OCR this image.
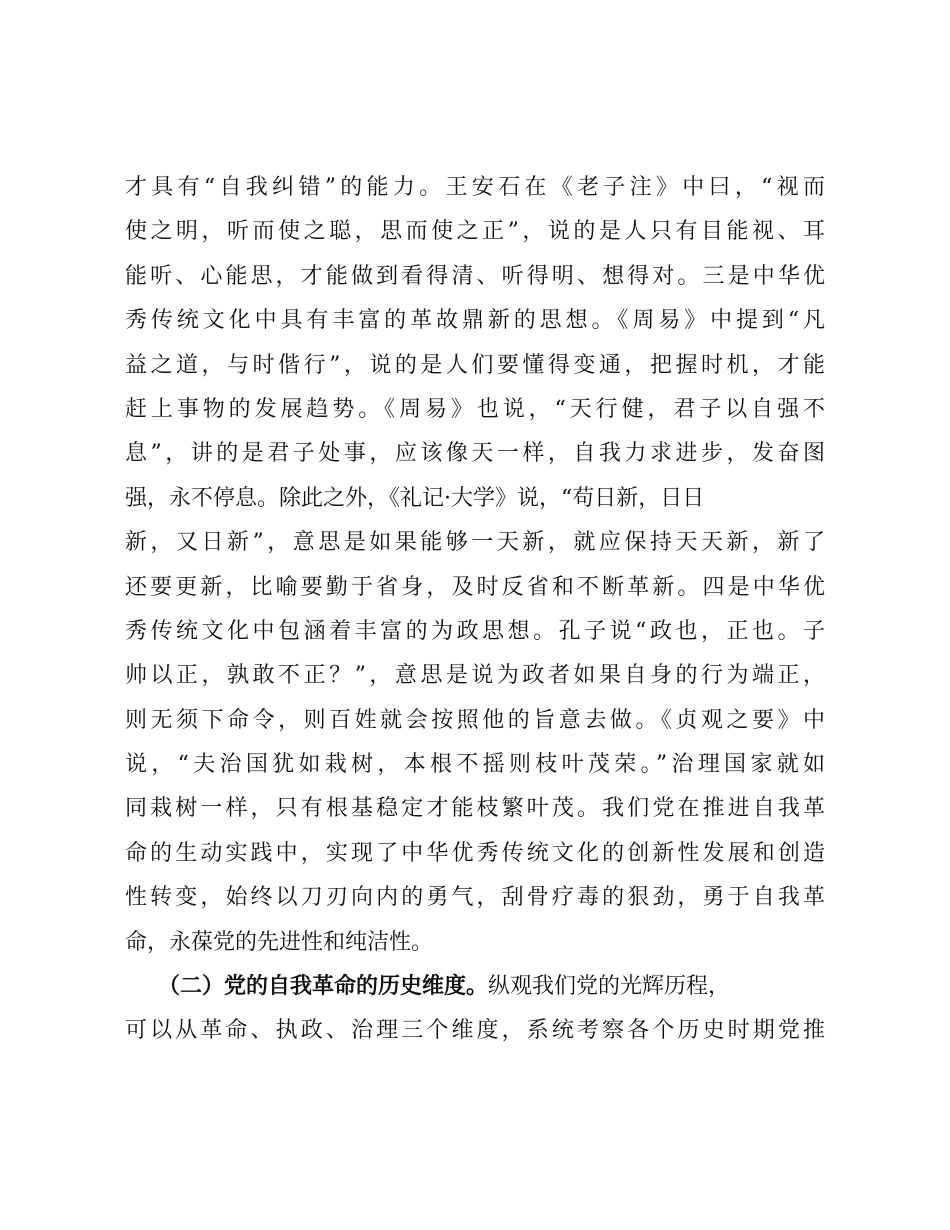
才具有“自我纠错”的能力。王安石在《老子注》中曰，“视而
使之明，听而使之聪，思而使之正”，说的是人只有目能视、耳
能听、心能思，才能做到看得清、听得明、想得对。三是中华优
秀传统文化中具有丰富的革故鼎新的思想。《周易》中提到“凡
益之道，与时偕行”，说的是人们要懂得变通，把握时机，才能
赶上事物的发展趋势。《周易》也说，“天行健，君子以自强不
息”，讲的是君子处事，应该像天一样，自我力求进步，发奋图
强，永不停息。除此之外，《礼记·大学》说，“苟日新，日日
新，又日新”，意思是如果能够一天新，就应保持天天新，新了
还要更新，比喻要勤于省身，及时反省和不断革新。四是中华优
秀传统文化中包涵着丰富的为政思想。孔子说“政也，正也。子
帅以正，孰敢不正？”，意思是说为政者如果自身的行为端正，
则无须下命令，则百姓就会按照他的旨意去做。《贞观之要》中
说，“夫治国犹如栽树，本根不摇则枝叶茂荣。”治理国家就如
同栽树一样，只有根基稳定才能枝繁叶茂。我们党在推进自我革
命的生动实践中，实现了中华优秀传统文化的创新性发展和创造
性转变，始终以刀刃向内的勇气，刮骨疗毒的狠劲，勇于自我革
命，永葆党的先进性和纯洁性。
（二）党的自我革命的历史维度。纵观我们党的光辉历程，
可以从革命、执政、治理三个维度，系统考察各个历史时期党推
